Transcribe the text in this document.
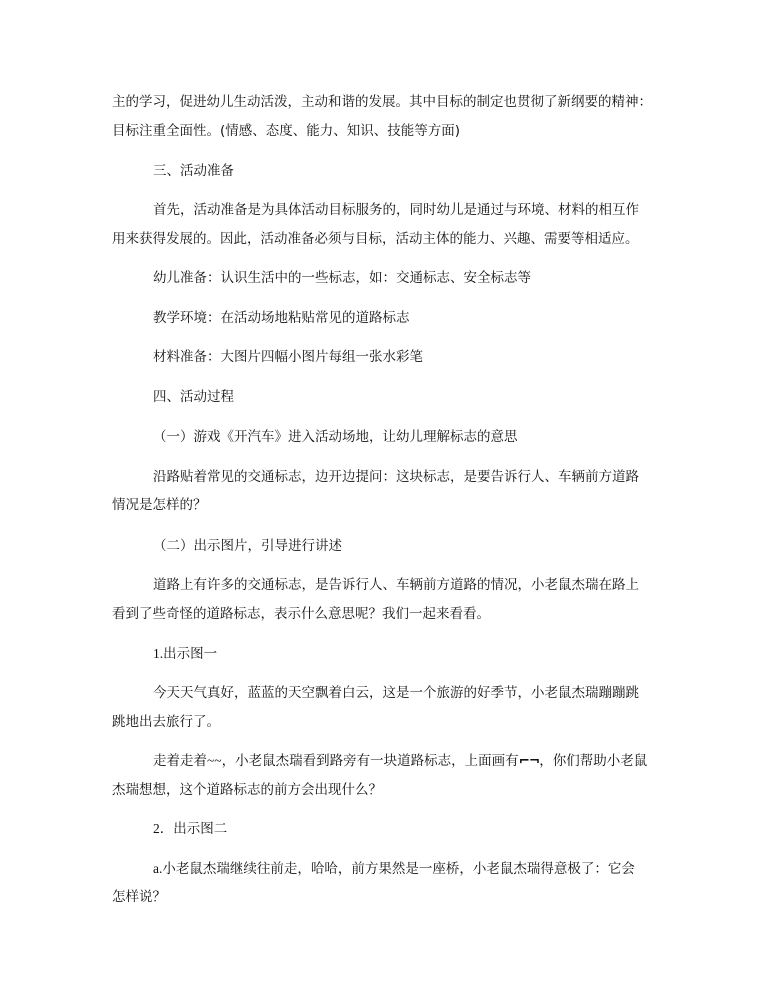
主的学习，促进幼儿生动活泼，主动和谐的发展。其中目标的制定也贯彻了新纲要的精神：
目标注重全面性。(情感、态度、能力、知识、技能等方面)
三、活动准备
首先，活动准备是为具体活动目标服务的，同时幼儿是通过与环境、材料的相互作
用来获得发展的。因此，活动准备必须与目标，活动主体的能力、兴趣、需要等相适应。
幼儿准备：认识生活中的一些标志，如：交通标志、安全标志等
教学环境：在活动场地粘贴常见的道路标志
材料准备：大图片四幅小图片每组一张水彩笔
四、活动过程
（一）游戏《开汽车》进入活动场地，让幼儿理解标志的意思
沿路贴着常见的交通标志，边开边提问：这块标志，是要告诉行人、车辆前方道路
情况是怎样的？
（二）出示图片，引导进行讲述
道路上有许多的交通标志，是告诉行人、车辆前方道路的情况，小老鼠杰瑞在路上
看到了些奇怪的道路标志，表示什么意思呢？我们一起来看看。
1.出示图一
今天天气真好，蓝蓝的天空飘着白云，这是一个旅游的好季节，小老鼠杰瑞蹦蹦跳
跳地出去旅行了。
走着走着~~，小老鼠杰瑞看到路旁有一块道路标志，上面画有⌐¬，你们帮助小老鼠
杰瑞想想，这个道路标志的前方会出现什么？
2．出示图二
a.小老鼠杰瑞继续往前走，哈哈，前方果然是一座桥，小老鼠杰瑞得意极了：它会
怎样说？
